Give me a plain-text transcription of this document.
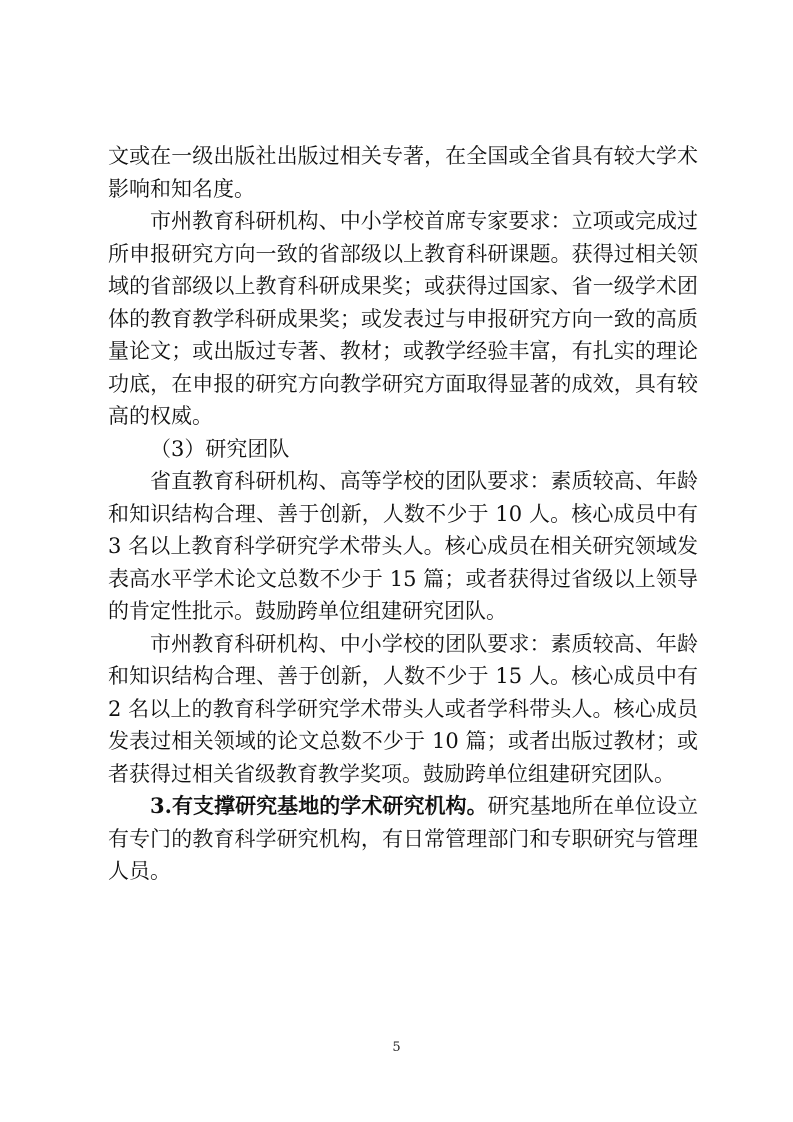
文或在一级出版社出版过相关专著，在全国或全省具有较大学术影响和知名度。

市州教育科研机构、中小学校首席专家要求：立项或完成过所申报研究方向一致的省部级以上教育科研课题。获得过相关领域的省部级以上教育科研成果奖；或获得过国家、省一级学术团体的教育教学科研成果奖；或发表过与申报研究方向一致的高质量论文；或出版过专著、教材；或教学经验丰富，有扎实的理论功底，在申报的研究方向教学研究方面取得显著的成效，具有较高的权威。

（3）研究团队

省直教育科研机构、高等学校的团队要求：素质较高、年龄和知识结构合理、善于创新，人数不少于 10 人。核心成员中有 3 名以上教育科学研究学术带头人。核心成员在相关研究领域发表高水平学术论文总数不少于 15 篇；或者获得过省级以上领导的肯定性批示。鼓励跨单位组建研究团队。

市州教育科研机构、中小学校的团队要求：素质较高、年龄和知识结构合理、善于创新，人数不少于 15 人。核心成员中有 2 名以上的教育科学研究学术带头人或者学科带头人。核心成员发表过相关领域的论文总数不少于 10 篇；或者出版过教材；或者获得过相关省级教育教学奖项。鼓励跨单位组建研究团队。

3.有支撑研究基地的学术研究机构。研究基地所在单位设立有专门的教育科学研究机构，有日常管理部门和专职研究与管理人员。

5
